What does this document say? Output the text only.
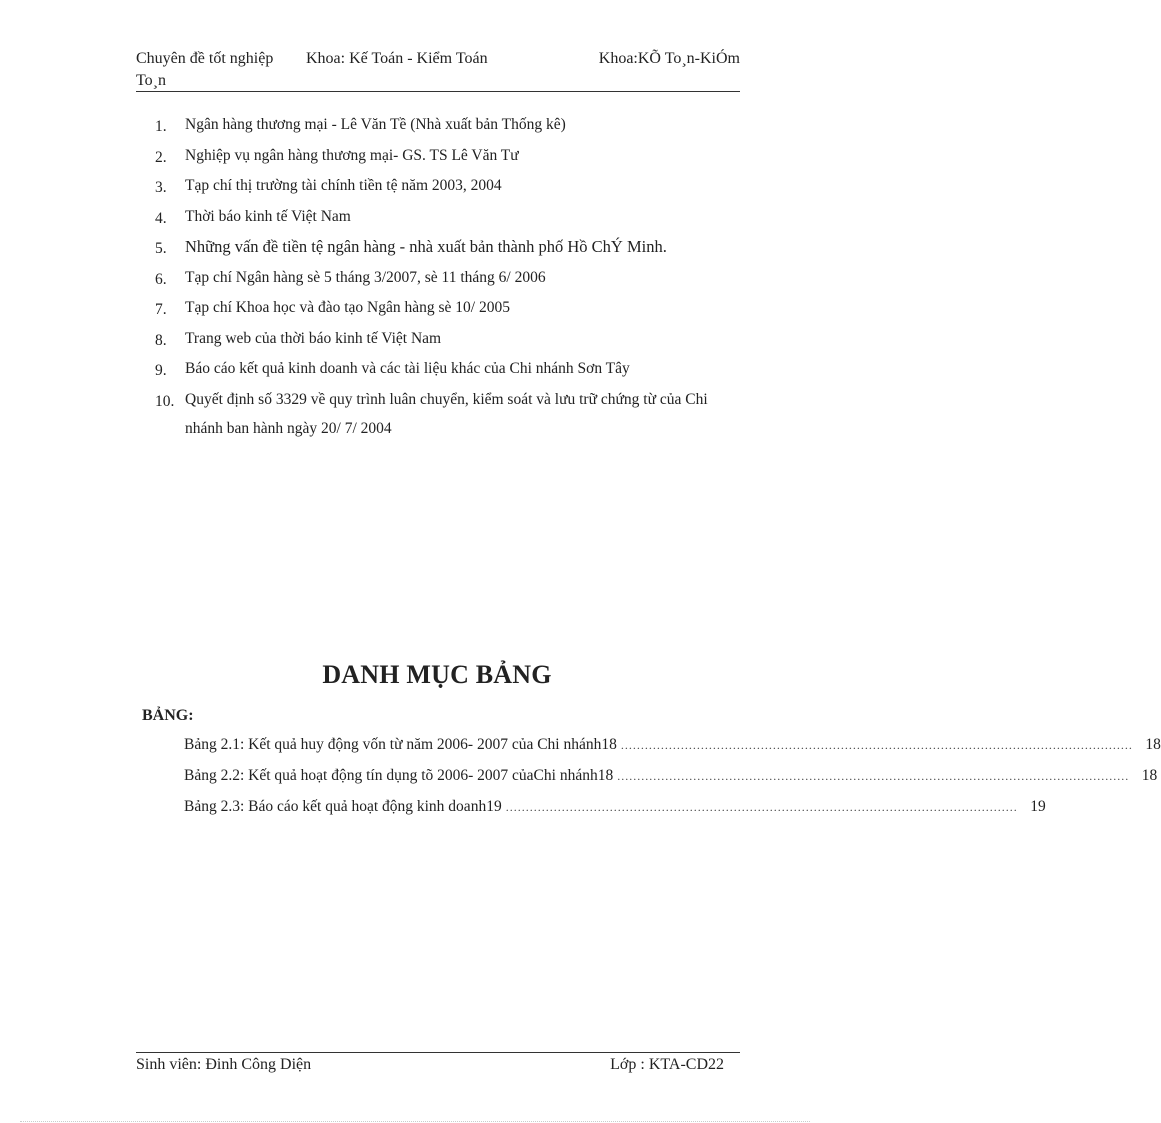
Chuyên đề tốt nghiệp	Khoa: Kế Toán - Kiểm Toán	Khoa:KÕ To¸n-KiÓm
To¸n
1.	Ngân hàng thương mại - Lê Văn Tề (Nhà xuất bản Thống kê)
2.	Nghiệp vụ ngân hàng thương mại- GS. TS Lê Văn Tư
3.	Tạp chí thị trường tài chính tiền tệ năm 2003, 2004
4.	Thời báo kinh tế Việt Nam
5.	Những vấn đề tiền tệ ngân hàng - nhà xuất bản thành phố Hồ ChÝ Minh.
6.	Tạp chí Ngân hàng sè 5 tháng 3/2007, sè 11 tháng 6/ 2006
7.	Tạp chí Khoa học và đào tạo Ngân hàng sè 10/ 2005
8.	Trang web của thời báo kinh tế Việt Nam
9.	Báo cáo kết quả kinh doanh và các tài liệu khác của Chi nhánh Sơn Tây
10. Quyết định số 3329 về quy trình luân chuyển, kiểm soát và lưu trữ chứng từ của Chi nhánh ban hành ngày 20/ 7/ 2004
DANH MỤC BẢNG
BẢNG:
Bảng 2.1: Kết quả huy động vốn từ năm 2006- 2007 của Chi nhánh18 ................................................................................................................................ 18
Bảng 2.2: Kết quả hoạt động tín dụng tõ 2006- 2007 củaChi nhánh18 ................................................................................................................................ 18
Bảng 2.3: Báo cáo kết quả hoạt động kinh doanh19 ................................................................................................................................ 19
Sinh viên: Đinh Công Diện	Lớp : KTA-CD22
